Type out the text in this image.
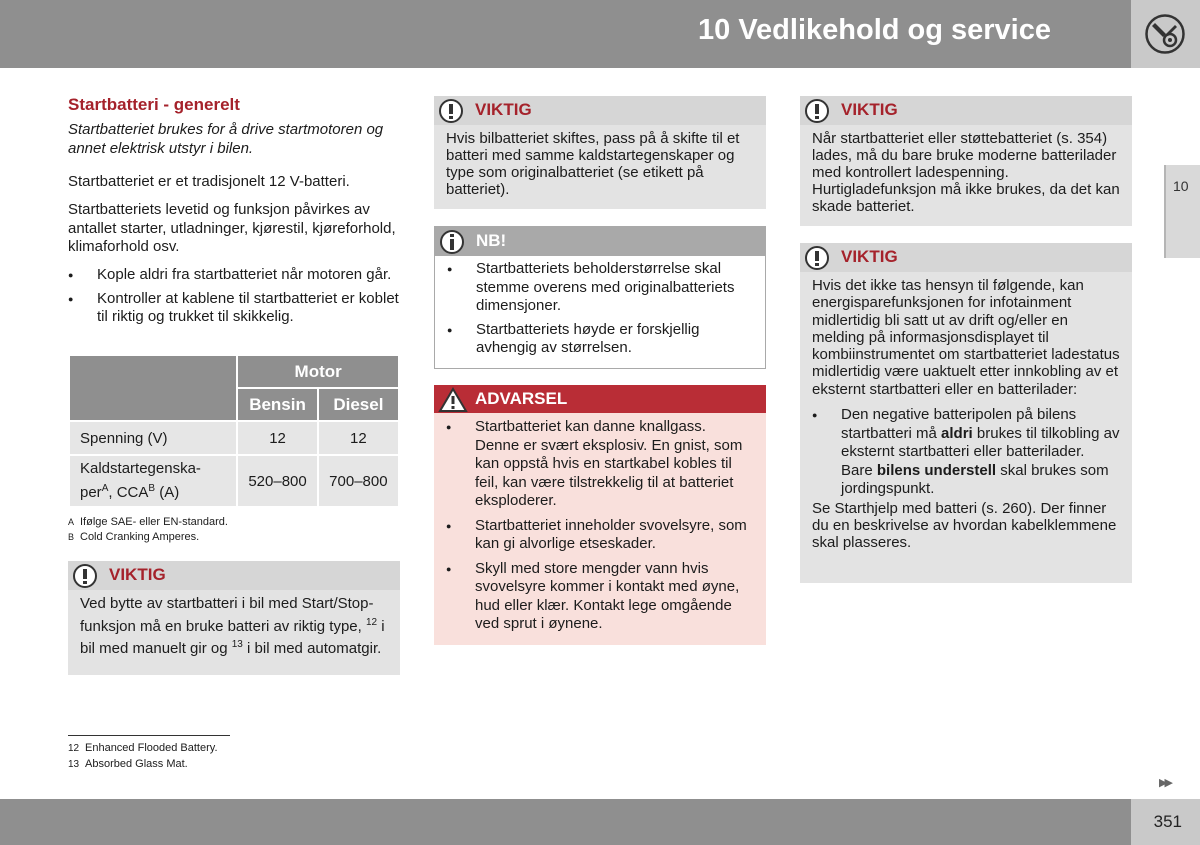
10 Vedlikehold og service
10
Startbatteri - generelt
Startbatteriet brukes for å drive startmotoren og annet elektrisk utstyr i bilen.
Startbatteriet er et tradisjonelt 12 V-batteri.
Startbatteriets levetid og funksjon påvirkes av antallet starter, utladninger, kjørestil, kjøreforhold, klimaforhold osv.
● Kople aldri fra startbatteriet når motoren går.
● Kontroller at kablene til startbatteriet er koblet til riktig og trukket til skikkelig.
	Motor	
	Bensin	Diesel
Spenning (V)	12	12
Kaldstartegenska-
per$^A$, $CCA^B$ (A)	520–800	700–800
A Ifølge SAE- eller EN-standard.
B Cold Cranking Amperes.
VIKTIG
Ved bytte av startbatteri i bil med Start/Stop-funksjon må en bruke batteri av riktig type, $^{12}$ i bil med manuelt gir og $^{13}$ i bil med automatgir.
12 Enhanced Flooded Battery.
13 Absorbed Glass Mat.
VIKTIG
Hvis bilbatteriet skiftes, pass på å skifte til et batteri med samme kaldstartegenskaper og type som originalbatteriet (se etikett på batteriet).
NB!
● Startbatteriets beholderstørrelse skal stemme overens med originalbatteriets dimensjoner.
● Startbatteriets høyde er forskjellig avhengig av størrelsen.
ADVARSEL
● Startbatteriet kan danne knallgass. Denne er svært eksplosiv. En gnist, som kan oppstå hvis en startkabel kobles til feil, kan være tilstrekkelig til at batteriet eksploderer.
● Startbatteriet inneholder svovelsyre, som kan gi alvorlige etseskader.
● Skyll med store mengder vann hvis svovelsyre kommer i kontakt med øyne, hud eller klær. Kontakt lege omgående ved sprut i øynene.
VIKTIG
Når startbatteriet eller støttebatteriet (s. 354) lades, må du bare bruke moderne batterilader med kontrollert ladespenning. Hurtigladefunksjon må ikke brukes, da det kan skade batteriet.
VIKTIG
Hvis det ikke tas hensyn til følgende, kan energisparefunksjonen for infotainment midlertidig bli satt ut av drift og/eller en melding på informasjonsdisplayet til kombiinstrumentet om startbatteriet ladestatus midlertidig være uaktuelt etter innkobling av et eksternt startbatteri eller en batterilader:
● Den negative batteripolen på bilens startbatteri må aldri brukes til tilkobling av eksternt startbatteri eller batterilader. Bare bilens understell skal brukes som jordingspunkt.
Se Starthjelp med batteri (s. 260). Der finner du en beskrivelse av hvordan kabelklemmene skal plasseres.
▶▶
351
